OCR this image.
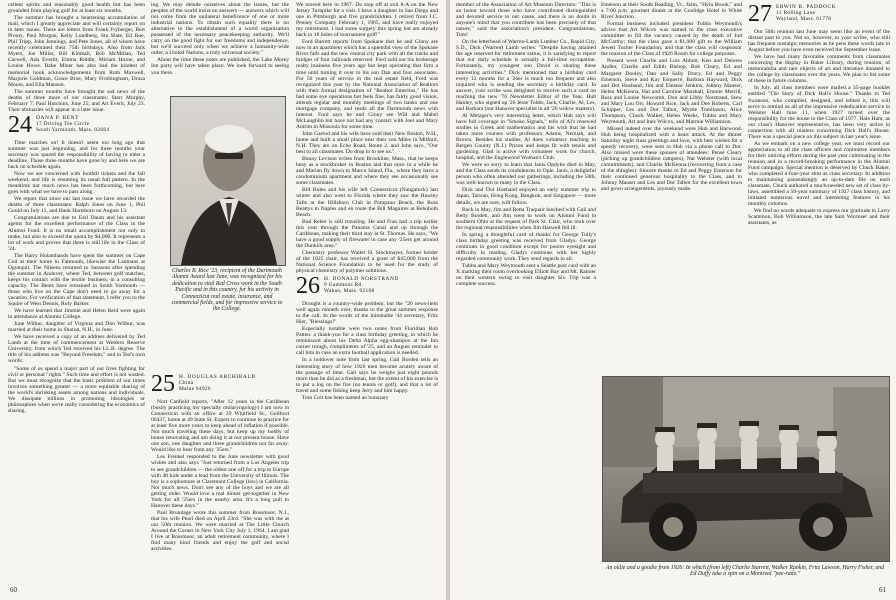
cellent spirits and reasonably good health but has been grounded from playing golf for at least six months.

The summer has brought a heartening accumulation of mail, which I greatly appreciate and will certainly report on in later issues. There are letters from Frank Fryberger, Bert Prouty, Paul Morgan, Kelly Lundberg, Stu Slate, Ed Roe, Phil Tripp, John Jennings, and Pete Jones, all of whom have recently celebrated their 75th birthdays. Also from Jack Myers, Joe Millar, Bill Kimball, Bob McMillan, Ted Carwell, Ada Everitt, Emma Riddle, Miriam Horne, and Louise Howe. Babe Miner has also had the kindest of memorial book acknowledgements from Ruth Maxwell, Marjorie Goldman, Grace Broe, Mary Frothingham, Drusa Moore, and Ella Manson.

The summer months have brought the sad news of the deaths of three more of our classmates: Starr Murphy, February 7; Paul Hutchins, June 25; and Art Everit, July 23. Their obituaries will appear in a later issue.

24 DANA P. BENT
17 Driving Tee Circle
South Yarmouth, Mass. 02664

Time marches on! It doesn't seem too long ago that summer was just beginning, and for three months your secretary was spared the responsibility of having to meet a deadline. Those three months have gone by and here we are back on schedule again.

Now we are concerned with foothill tickets and the fall weekend, and life is resuming its usual full pattern. In the meantime not much news has been forthcoming, but here goes with what we have to pass along.

We report that since our last issue we have recorded the deaths of three classmates: Ralph Jones on June 1, Phil Gould on July 11, and Hank Hartshorn on August 13.

Congratulations are due to Earl Daum and his assistant agents for the excellent performance of the Class in the Alumni Fund. It is no small accomplishment not only to make, but also to exceed the quota by $4,000. It represents a lot of work and proves that there is still life in the Class of '24.

The Harry Holambands have spent the summer on Cape Cod at their home in Falmouth, likewise the Lanmans at Ogunquit. The Nilsens returned to Sarasota after spending the summer in Andover, where Ted, between golf matches, keeps his contact with the textile business, in a consulting capacity. The Bents have remained in South Yarmouth — those who live on the Cape don't need to go away for a vacation. For verification of that statement, I refer you to the Squire of West Dennis, Roly Barker.

We have learned that Jimmie and Helen Reid were again in attendance at Alumni College.

June Wilbur, daughter of Virginia and Don Wilbur, was married at their home in Sharon, N.H., in June.

We have received a copy of an address delivered by Ted Lamb at the time of commencement at Western Reserve University, from which Ted received his LL.B. degree. The title of his address was "Beyond Freedom," and in Ted's own words:

"Some of us spend a major part of our lives fighting for civil or personal "rights." Such time and effort is not wasted. But we must recognize that the basic problem of our times involves something greater — a more equitable sharing of the world's shrinking assets among nations and individuals. We dissipate billions in promoting ideologies or philosophies when we're really considering the economics of sharing.

ing. We may delude ourselves about the issues, but the peoples of the world insist on answers — answers which will not come from the unilateral beneficence of one or more industrial nations. To obtain such equality there is no alternative to the establishment of a world organization possessed of the necessary peacekeeping authority. We'll carry on the good fight for our freedoms and independence, but we'll succeed only when we achieve a humanity-wide order, a United Nations, a truly universal society."

About the time these notes are published, the Lake Morey Inn party will have taken place. We look forward to seeing you there.

Charles B. Rice '23, recipient of the Dartmouth Alumni Award last June, was recognized for his dedication to vital Red Cross work in the South Pacific and in this country, for his activity in Connecticut real estate, insurance, and commercial fields, and for impressive service to the College.
25 H. DOUGLAS ARCHIBALD
China
Maine 04926

Nort Canfield reports, "After 12 years in the Caribbean (busily practicing my specialty otolaryngology) I am now in Connecticut with an office at 29 Whitfield St., Guilford 06437, home at 49 State St. Expect to continue to practice for at least five more years to keep ahead of inflation if possible. Not much traveling these days, but keep up my hobby of house renovating and am doing it at our present house. Have one son, one daughter and three grandchildren not far away. Would like to hear from any '25ers."

Les Frenkel responded to the June newsletter with good wishes and also says "Just returned from a Los Angeles trip to see grandchildren — the oldest one off for a trip to Europe with 40 kids under a lead from the University of Illinois. The boy is a sophomore at Claremont College (law) in California. Not much news. Don't see any of the boys and we are all getting older. Would love a real dinner get-together in New York for all '25ers in the nearby area. It's a long pull to Hanover these days."

Paul Brundage wrote this summer from Rossmoor, N.J., that his wife Pearl died on April 23rd. "She was with me at our 50th reunion. We were married at The Little Church Around the Corner in New York City July 1, 1964. I am glad I live at Rossmoor, an adult retirement community, where I find many kind friends and enjoy the golf and social activities.

We moved here in 1967. Do stop off at exit 8-A on the New Jersey Turnpike for a visit. I have a daughter in San Diego and one in Pittsburgh and five grandchildren. I retired from J.C. Penney Company February 1, 1965, and have really enjoyed my retirement. I had some surgery this spring but am already back to 18 holes of tournament golf!"

Ford Barrett reports from Spokane that he and Ginny are now in an apartment which has a splendid view of the Spokane River falls and the new central city park with all the tracks and bridges of four railroads removed. Ford sold out his brokerage realty business five years ago but kept operating that firm a time until turning it over to his son Dan and four associates. For 50 years of service in the real estate field, Ford was recognized this year by the National Association of Realtors with their formal designation of "Realtor Emeritus." He has had some eye operations but feels fine, has fairly good vision, attends regular and monthly meetings of two banks and one mortgage company, and reads all the Dartmouth news with interest. Ford says he and Ginny see Will and Mabel McLaughlin but have not had any contact with Joel and Mary Antrim in Missoula for some time.

John Garrod and his wife have sold their New Boston, N.H., home and built a small place near their son Miles in Milford, N.H. They are on Echo Road, Route 2, and John says, "Our best to all classmates. Do drop in to see us."

Bunny Levison writes from Brookline, Mass., that he keeps busy as a stockbroker in Boston and that once in a while he and Marian fly down to Marco Island, Fla., where they have a condominium apartment and where they see occasionally see some classmates.

Bill Boles and his wife left Connecticut (Naugatuck) last winter and also went to Florida where they saw the Hawley Tafts at the Hillsboro Club in Pompano Beach, the Ross Beattys in Naples and en route the Bill Maguires at Rehoboth Beach.

Bud Reber is still traveling. He and Fran had a trip earlier this year through the Panama Canal and up through the Caribbean, making their third stay at St. Thomas. He says, "We have a good supply of firewater in case any '25ers get around the Dunkirk area."

Chemistry professor Walter H. Stockmayer, former holder of the 1925 chair, has received a grant of $45,000 from the National Science Foundation to be used for the study of physical chemistry of polymer solutions.

26 H. DONALD NORSTRAND
9 Gammons Rd.
Waban, Mass. 02168

Drought is a country-wide problem, but the "26 news-item well again runneth over, thanks to the great summer response to the call. In the words of the inimitable '44 secretary, Fritz Hier, "Blessings!"

Especially notable were two notes from Floridian Bob Patten: a thank-you for a class birthday greeting, in which he reminisced about his Delta Alpha egg-shampoo at the Inn corner trough, compliments of '25, and an August reminder to call him in case an extra football application is needed.

In a holdover note from last spring, Gail Borden tells an interesting story of how 1926 men become acutely aware of the passage of time. Gail says he weighs just eight pounds more than he did as a freshman, but the extent of his exercise is to put a log on the fire (no tennis or golf), and that a lot of travel and some fishing keep Jerry and him happy.

Tom Colt has been named an honorary

60

member of the Association of Art Museum Directors: "This is an honor toward those who have contributed distinguished and devoted service to our cause, and there is no doubt in anyone's mind that you contribute has been precisely of that nature," said the association's president. Congratulations, Tom!

On the letterhead of Warren-Lamb Lumber Co., Rapid City, S.D., Dick (Warren) Lamb writes: "Despite having attained the age reserved for retirement status, it is satisfying to report that our daily schedule is actually a full-time occupation. Fortunately, my youngest son David is sharing these interesting activities." Dick mentioned that a birthday card every 12 months for a '26er is much too frequent and also inquired who is sending the secretary a birthday card. In answer, your scribe was delighted to receive such a card on reaching the new '76 Newsletter Editor of the Year, Hub Hanley, who signed up '26 Jesse Tubbs, Jack, Charlie, Al, Les, and Barbara (our Hanover specialist in all '26 widow matters).

Al Metzger's very interesting letter, which Hub says will have full coverage in "Smoke Signals," tells of Al's renewed studies in Greek and mathematics and his wish that he had taken more courses with professors Adams, Nemiah, and Brown. Besides his studies, Al does voluntary teaching in Bergen County (N.J.) Prison and keeps fit with tennis and gardening. Glad is active with volunteer work for church, hospital, and the Englewood Woman's Club.

We were so sorry to learn that Janis Opdyke died in May, and the Class sends its condolences to Opie. Janis, a delightful person who often attended our gatherings, including the 50th, was well-known to many in the Class.

Dick and Dot Hoehand enjoyed an early summer trip to Japan, Taiwan, Hong Kong, Bangkok, and Singapore — more details, we are sure, will follow.

Back in May, Jim and Retta Traquair lunched with Gail and Betty Borden, and Jim went to work on Alumni Fund in southern Ohio at the request of Park St. Clair, who took over the regional responsibilities when Jim Haswell fell ill.

In spring a thoughtful card of thanks for George Tully's class birthday greeting was received from Gladys. George continues in good condition except for poorer eyesight and difficulty in reading. Gladys continues with her highly regarded community work. They send regards to all.

Tubba and Mary Weymouth sent a Seattle post card with an X marking their room overlooking Elliott Bay and Mt. Rainier on their western swing to visit daughter Sis. Trip was a complete success.

Emerson at their South Reading, Vt., farm, "Hyla Brook," and a 7:00 p.m. gourmet dinner at the Coolidge Hotel in White River Junction.

Formal business included president Tubba Weymouth's advice that Art Wilcox was named to the class executive committee to fill the vacancy caused by the death of Jud McCarthy; that the class gave a $1,000 gift to the William Jewett Tucker Foundation; and that the class will cosponsor the reunion of the Class of 1926 Room for college purposes.

Present were Charlie and Lois Abbott, Ken and Delores Andler, Charlie and Edith Bishop, Bob Cleary, Ed and Margaret Dooley, Dan and Sally Drury, Ed and Peggy Emerson, Steve and Kay Esquerré, Barbara Hayward, Dick and Dot Husband, Jim and Eleanor Jenkins, Johnny Mauser, Helen McKenna, Hal and Caroline Marshall, Emmie Merrill, Russ and Louise Newcomb, Don and Libby Norstrand, Stew and Mary Lou Orr, Howard Rice, Jack and Dee Roberts, Carl Schipper, Les and Dot Talbot, Myrtle Tomlinson, Alice Thompson, Chuck Walker, Helen Weeks, Tubba and Mary Weymouth, Art and Inez Wilcox, and Marmie Williamson.

Missed indeed over the weekend were Hub and Harwood. Hub being hospitalized with a heart attack. At the dinner Saturday night class greetings and love, with best wishes for a speedy recovery, were sent to Hub via a phone call to Dot. Also missed were these spouses of attendees: Pensé Cleary (picking up grandchildren campers), Nat Webster (with local commitments), and Charlie McKenna (recovering from a case of the shingles). Sincere thanks to Ed and Peggy Emerson for their continued generous hospitality to the Class, and to Johnny Mauser and Les and Dot Talbot for the excellent town and gown arrangements, joyously made.

27 ERWIN B. PADDOCK
11 Rolling Lane
Wayland, Mass. 01778

Our 50th reunion last June may seem like an event of the distant past to you. Not so, however, to your scribe, who still has frequent nostalgic memories as he pens these words late in August before you have even received the September issue.

We have had many favorable comments from classmates concerning the display in Baker Library, during reunion, of memorabilia and rare objects of art and literature donated to the college by classmates over the years. We plan to list some of these in future columns.

In July, all class members were mailed a 35-page booklet entitled "The Story of Dick Hall's House." Thanks to Ted Swanson, who compiled, designed, and edited it, this will serve to remind us all of the impressive rededication service in Webster Hall June 11, when 1927 turned over the responsibility for the house to the Class of 1977. Hale Ham, as our class's Hanover representative, has been very active in connection with all matters concerning Dick Hall's House. There was a special piece on this subject in last year's issue.

As we embark on a new college year, we must record our appreciation to all the class officers and committee members for their untiring efforts during the past year culminating in the reunion and in a record-breaking performance in the Alumni Fund campaign. Special mention is deserved by Chuck Baker, who completed a four-year stint as class secretary. In addition to maintaining painstakingly an up-to-date file on each classmate, Chuck authored a much-needed new set of class by-laws, assembled a 50-year summary of 1927 class history, and initiated numerous novel and interesting features in his monthly columns.

We find no words adequate to express our gratitude to Larry Scammon, Bob Williamson, the late Sam Wormser and their assistants, as

An oldie and a goodie from 1926: In which (from left) Charlie Starrett, Walker Rankin, Fritz Lawson, Harry Fisher, and Ed Duffy take a spin on a Montreal "pee-rade."
61
